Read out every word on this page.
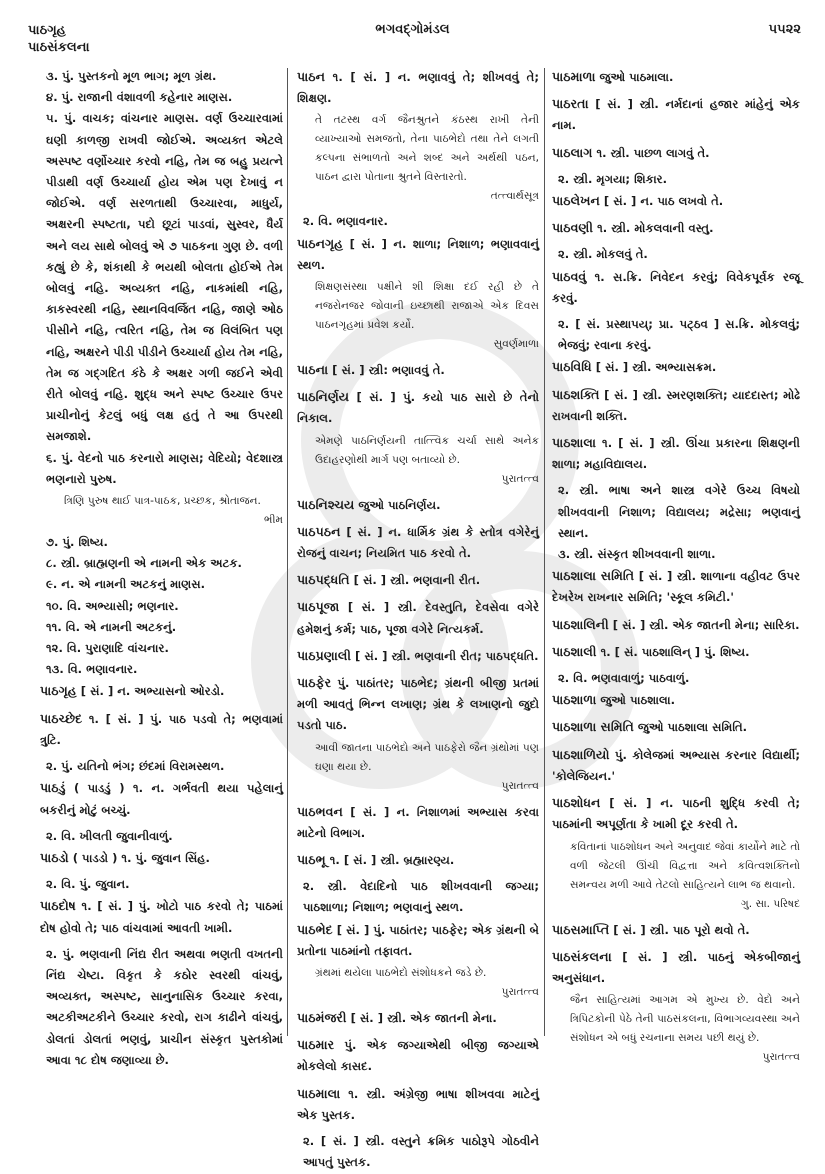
પાઠગૃહ
પાઠસંકલના
ભગવદ્ગોમંડલ	૫૫૨૨
૩. પું. પુસ્તકનો મૂળ ભાગ; મૂળ ગ્રંથ.
૪. પું. રાજાની વંશાવળી કહેનાર માણસ.
૫. પું. વાચક; વાંચનાર માણસ. વર્ણ ઉચ્ચારવામાં ઘણી કાળજી રાખવી જોઈએ. અવ્યક્ત એટલે અસ્પષ્ટ વર્ણોચ્ચાર કરવો નહિ, તેમ જ બહુ પ્રયત્ને પીડાથી વર્ણ ઉચ્ચાર્યા હોય એમ પણ દેખાવું ન જોઈએ. વર્ણ સરળતાથી ઉચ્ચારવા, માધુર્ય, અક્ષરની સ્પષ્ટતા, પદો છૂટાં પાડવાં, સુસ્વર, ધૈર્ય અને લય સાથે બોલવું એ ૭ પાઠકના ગુણ છે. વળી કહ્યું છે કે, શંકાથી કે ભયથી બોલતા હોઈએ તેમ બોલવું નહિ. અવ્યક્ત નહિ, નાકમાંથી નહિ, કાકસ્વરથી નહિ, સ્થાનવિવર્જિત નહિ, જાણે ઓઠ પીસીને નહિ, ત્વરિત નહિ, તેમ જ વિલંબિત પણ નહિ, અક્ષરને પીડી પીડીને ઉચ્ચાર્યા હોય તેમ નહિ, તેમ જ ગદ્ગદિત કંઠે કે અક્ષર ગળી જઈને એવી રીતે બોલવું નહિ. શુદ્ધ અને સ્પષ્ટ ઉચ્ચાર ઉપર પ્રાચીનોનું કેટલું બધું લક્ષ હતું તે આ ઉપરથી સમજાશે.
૬. પું. વેદનો પાઠ કરનારો માણસ; વેદિયો; વેદશાસ્ત્ર ભણનારો પુરુષ.
ત્રિણિ પુરુષ થાઈ પાત્ર-પાઠક, પ્રચ્છક, શ્રોતાજન.
ભીમ
૭. પું. શિષ્ય.
૮. સ્ત્રી. બ્રાહ્મણની એ નામની એક અટક.
૯. ન. એ નામની અટકનું માણસ.
૧૦. વિ. અભ્યાસી; ભણનાર.
૧૧. વિ. એ નામની અટકનું.
૧૨. વિ. પુરાણાદિ વાંચનાર.
૧૩. વિ. ભણાવનાર.
પાઠગૃહ [ સં. ] ન. અભ્યાસનો ઓરડો.
પાઠચ્છેદ ૧. [ સં. ] પું. પાઠ પડવો તે; ભણવામાં ત્રુટિ.
૨. પું. યતિનો ભંગ; છંદમાં વિરામસ્થળ.
પાઠડું ( પાડડું ) ૧. ન. ગર્ભવતી થયા પહેલાનું બકરીનું મોટું બચ્ચું.
૨. વિ. ખીલતી જુવાનીવાળું.
પાઠડો ( પાડડો ) ૧. પું. જુવાન સિંહ.
૨. વિ. પું. જુવાન.
પાઠદોષ ૧. [ સં. ] પું. ખોટો પાઠ કરવો તે; પાઠમાં દોષ હોવો તે; પાઠ વાંચવામાં આવતી ખામી.
૨. પું. ભણવાની નિંદ્ય રીત અથવા ભણતી વખતની નિંદ્ય ચેષ્ટા. વિકૃત કે કઠોર સ્વરથી વાંચવું, અવ્યક્ત, અસ્પષ્ટ, સાનુનાસિક ઉચ્ચાર કરવા, અટકીઅટકીને ઉચ્ચાર કરવો, રાગ કાઢીને વાંચવું, ડોલતાં ડોલતાં ભણવું, પ્રાચીન સંસ્કૃત પુસ્તકોમાં આવા ૧૮ દોષ જણાવ્યા છે.
પાઠન ૧. [ સં. ] ન. ભણાવવું તે; શીખવવું તે; શિક્ષણ.
તે તટસ્થ વર્ગ જૈનશ્રુતને કંઠસ્થ રાખી તેની વ્યાખ્યાઓ સમજતો, તેના પાઠભેદો તથા તેને લગતી કલ્પના સંભાળતો અને શબ્દ અને અર્થથી પઠન, પાઠન દ્વારા પોતાના શ્રુતને વિસ્તારતો.
તત્ત્વાર્થસૂત્ર
૨. વિ. ભણાવનાર.
પાઠનગૃહ [ સં. ] ન. શાળા; નિશાળ; ભણાવવાનું સ્થળ.
શિક્ષણસંસ્થા પક્ષીને શી શિક્ષા દઈ રહી છે તે નજરોનજર જોવાની ઇચ્છાથી રાજાએ એક દિવસ પાઠનગૃહમાં પ્રવેશ કર્યો.
સુવર્ણમાળા
પાઠના [ સં. ] સ્ત્રી: ભણાવવું તે.
પાઠનિર્ણય [ સં. ] પું. કયો પાઠ સારો છે તેનો નિકાલ.
એમણે પાઠનિર્ણયની તાત્ત્વિક ચર્ચા સાથે અનેક ઉદાહરણોથી માર્ગ પણ બતાવ્યો છે.
પુરાતત્ત્વ
પાઠનિશ્ચય જુઓ પાઠનિર્ણય.
પાઠપઠન [ સં. ] ન. ધાર્મિક ગ્રંથ કે સ્તોત્ર વગેરેનું રોજનું વાચન; નિયમિત પાઠ કરવો તે.
પાઠપદ્ધતિ [ સં. ] સ્ત્રી. ભણવાની રીત.
પાઠપૂજા [ સં. ] સ્ત્રી. દેવસ્તુતિ, દેવસેવા વગેરે હમેશનું કર્મ; પાઠ, પૂજા વગેરે નિત્યકર્મ.
પાઠપ્રણાલી [ સં. ] સ્ત્રી. ભણવાની રીત; પાઠપદ્ધતિ.
પાઠફેર પું. પાઠાંતર; પાઠભેદ; ગ્રંથની બીજી પ્રતમાં મળી આવતું ભિન્ન લખાણ; ગ્રંથ કે લખાણનો જુદો પડતો પાઠ.
આવી જાતના પાઠભેદો અને પાઠફેરો જૈન ગ્રંથોમાં પણ ઘણા થયા છે.
પુરાતત્ત્વ
પાઠભવન [ સં. ] ન. નિશાળમાં અભ્યાસ કરવા માટેનો વિભાગ.
પાઠભૂ ૧. [ સં. ] સ્ત્રી. બ્રહ્મારણ્ય.
૨. સ્ત્રી. વેદાદિનો પાઠ શીખવવાની જગ્યા; પાઠશાળા; નિશાળ; ભણવાનું સ્થળ.
પાઠભેદ [ સં. ] પું. પાઠાંતર; પાઠફેર; એક ગ્રંથની બે પ્રતોના પાઠમાંનો તફાવત.
ગ્રંથમાં થયેલા પાઠભેદો સંશોધકને જડે છે.
પુરાતત્ત્વ
પાઠમંજરી [ સં. ] સ્ત્રી. એક જાતની મેના.
પાઠમાર પું. એક જગ્યાએથી બીજી જગ્યાએ મોકલેલો કાસદ.
પાઠમાલા ૧. સ્ત્રી. અંગ્રેજી ભાષા શીખવવા માટેનું એક પુસ્તક.
૨. [ સં. ] સ્ત્રી. વસ્તુને ક્રમિક પાઠોરૂપે ગોઠવીને આપતું પુસ્તક.
પાઠમાળા જુઓ પાઠમાલા.
પાઠરતા [ સં. ] સ્ત્રી. નર્મદાનાં હજાર માંહેનું એક નામ.
પાઠલાગ ૧. સ્ત્રી. પાછળ લાગવું તે.
૨. સ્ત્રી. મૃગયા; શિકાર.
પાઠલેખન [ સં. ] ન. પાઠ લખવો તે.
પાઠવણી ૧. સ્ત્રી. મોકલવાની વસ્તુ.
૨. સ્ત્રી. મોકલવું તે.
પાઠવવું ૧. સ.ક્રિ. નિવેદન કરવું; વિવેકપૂર્વક રજૂ કરવું.
૨. [ સં. પ્રસ્થાપય્; પ્રા. પટ્ઠવ ] સ.ક્રિ. મોકલવું; ભેજવું; રવાના કરવું.
પાઠવિધિ [ સં. ] સ્ત્રી. અભ્યાસક્રમ.
પાઠશક્તિ [ સં. ] સ્ત્રી. સ્મરણશક્તિ; યાદદાસ્ત; મોઢે રાખવાની શક્તિ.
પાઠશાલા ૧. [ સં. ] સ્ત્રી. ઊંચા પ્રકારના શિક્ષણની શાળા; મહાવિદ્યાલય.
૨. સ્ત્રી. ભાષા અને શાસ્ત્ર વગેરે ઉચ્ચ વિષયો શીખવવાની નિશાળ; વિદ્યાલય; મદ્રેસા; ભણવાનું સ્થાન.
૩. સ્ત્રી. સંસ્કૃત શીખવવાની શાળા.
પાઠશાલા સમિતિ [ સં. ] સ્ત્રી. શાળાના વહીવટ ઉપર દેખરેખ રાખનાર સમિતિ; 'સ્કૂલ કમિટી.'
પાઠશાલિની [ સં. ] સ્ત્રી. એક જાતની મેના; સારિકા.
પાઠશાલી ૧. [ સં. પાઠશાલિન્ ] પું. શિષ્ય.
૨. વિ. ભણવાવાળું; પાઠવાળું.
પાઠશાળા જુઓ પાઠશાલા.
પાઠશાળા સમિતિ જુઓ પાઠશાલા સમિતિ.
પાઠશાળિયો પું. કોલેજમાં અભ્યાસ કરનાર વિદ્યાર્થી; 'કોલેજિયન.'
પાઠશોધન [ સં. ] ન. પાઠની શુદ્ધિ કરવી તે; પાઠમાંની અપૂર્ણતા કે ખામી દૂર કરવી તે.
કવિતાનાં પાઠશોધન અને અનુવાદ જેવાં કાર્યોને માટે તો વળી જેટલી ઊંચી વિદ્વત્તા અને કવિત્વશક્તિનો સમન્વય મળી આવે તેટલો સાહિત્યને લાભ જ થવાનો.
ગુ. સા. પરિષદ
પાઠસમાપ્તિ [ સં. ] સ્ત્રી. પાઠ પૂરો થવો તે.
પાઠસંકલના [ સં. ] સ્ત્રી. પાઠનું એકબીજાનું અનુસંધાન.
જૈન સાહિત્યમાં આગમ એ મુખ્ય છે. વેદો અને ત્રિપિટકોની પેઠે તેની પાઠસંકલના, વિભાગવ્યવસ્થા અને સંશોધન એ બધું રચનાના સમય પછી થયું છે.
પુરાતત્ત્વ
